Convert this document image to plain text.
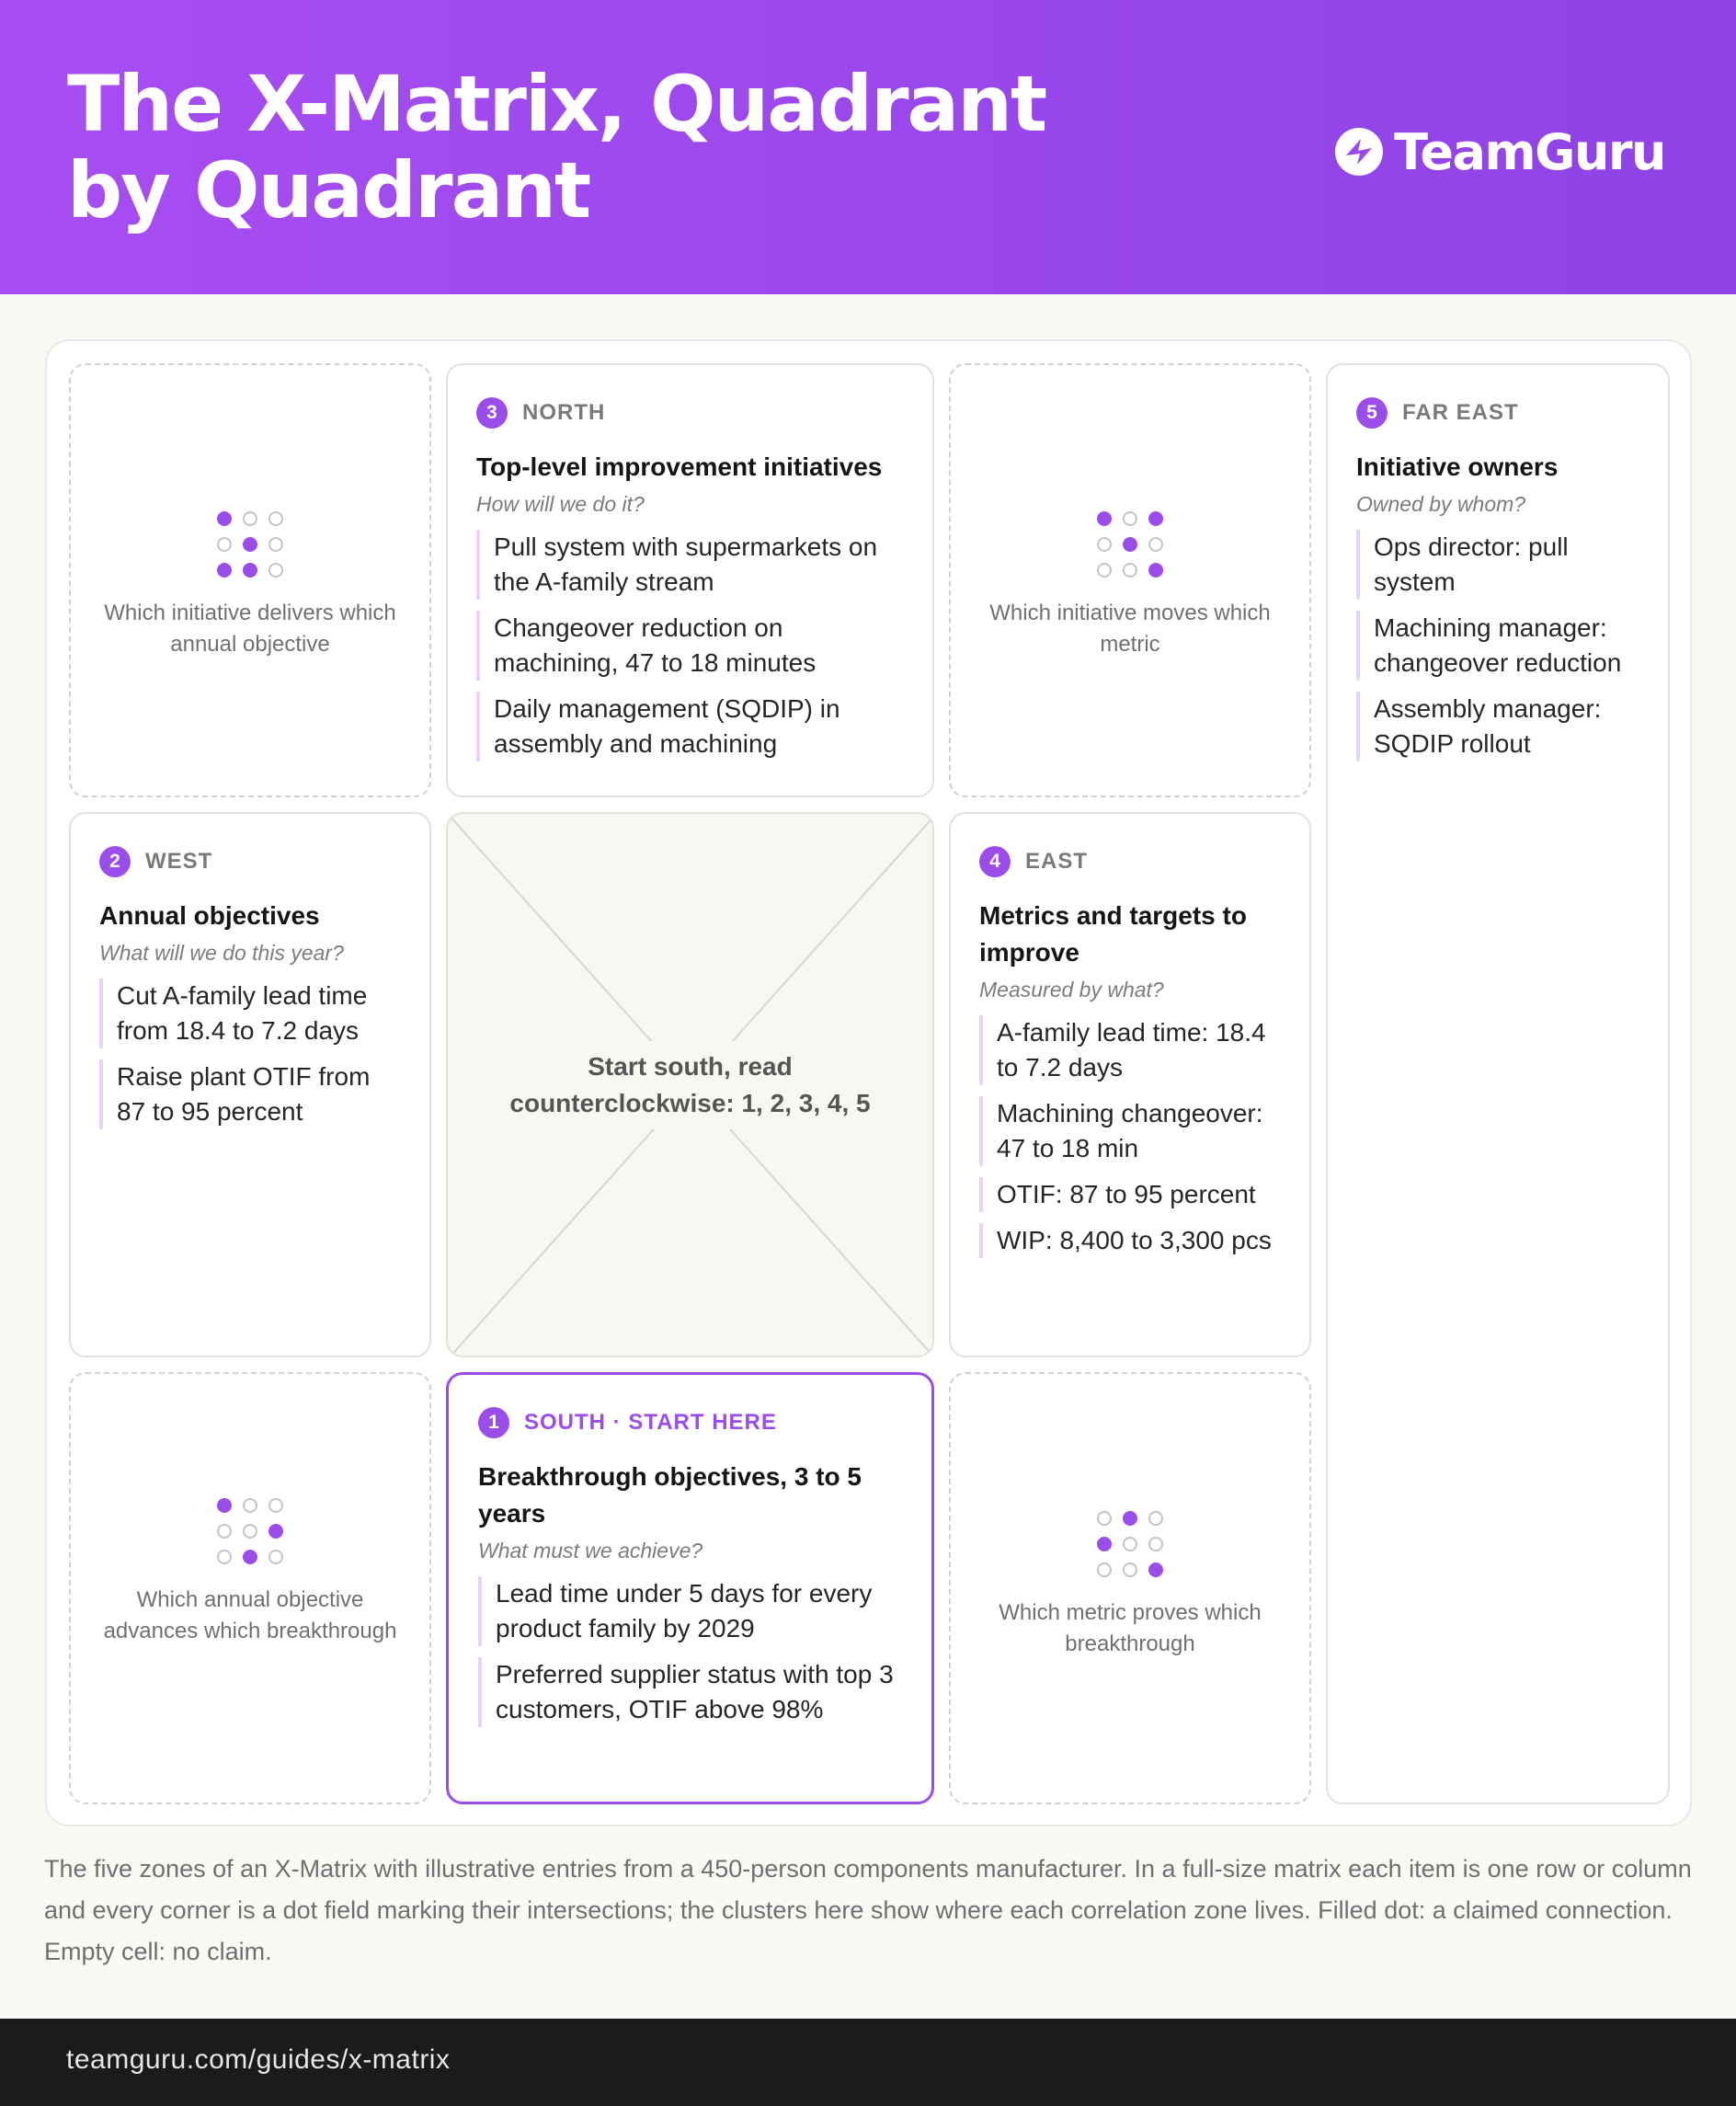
The X-Matrix, Quadrant by Quadrant	TeamGuru
Which initiative delivers which annual objective
3	NORTH
Top-level improvement initiatives
How will we do it?
Pull system with supermarkets on the A-family stream
Changeover reduction on machining, 47 to 18 minutes
Daily management (SQDIP) in assembly and machining
Which initiative moves which metric
5	FAR EAST
Initiative owners
Owned by whom?
Ops director: pull system
Machining manager: changeover reduction
Assembly manager: SQDIP rollout
2	WEST
Annual objectives
What will we do this year?
Cut A-family lead time from 18.4 to 7.2 days
Raise plant OTIF from 87 to 95 percent
Start south, read counterclockwise: 1, 2, 3, 4, 5
4	EAST
Metrics and targets to improve
Measured by what?
A-family lead time: 18.4 to 7.2 days
Machining changeover: 47 to 18 min
OTIF: 87 to 95 percent
WIP: 8,400 to 3,300 pcs
Which annual objective advances which breakthrough
1	SOUTH · START HERE
Breakthrough objectives, 3 to 5 years
What must we achieve?
Lead time under 5 days for every product family by 2029
Preferred supplier status with top 3 customers, OTIF above 98%
Which metric proves which breakthrough

The five zones of an X-Matrix with illustrative entries from a 450-person components manufacturer. In a full-size matrix each item is one row or column and every corner is a dot field marking their intersections; the clusters here show where each correlation zone lives. Filled dot: a claimed connection. Empty cell: no claim.

teamguru.com/guides/x-matrix
